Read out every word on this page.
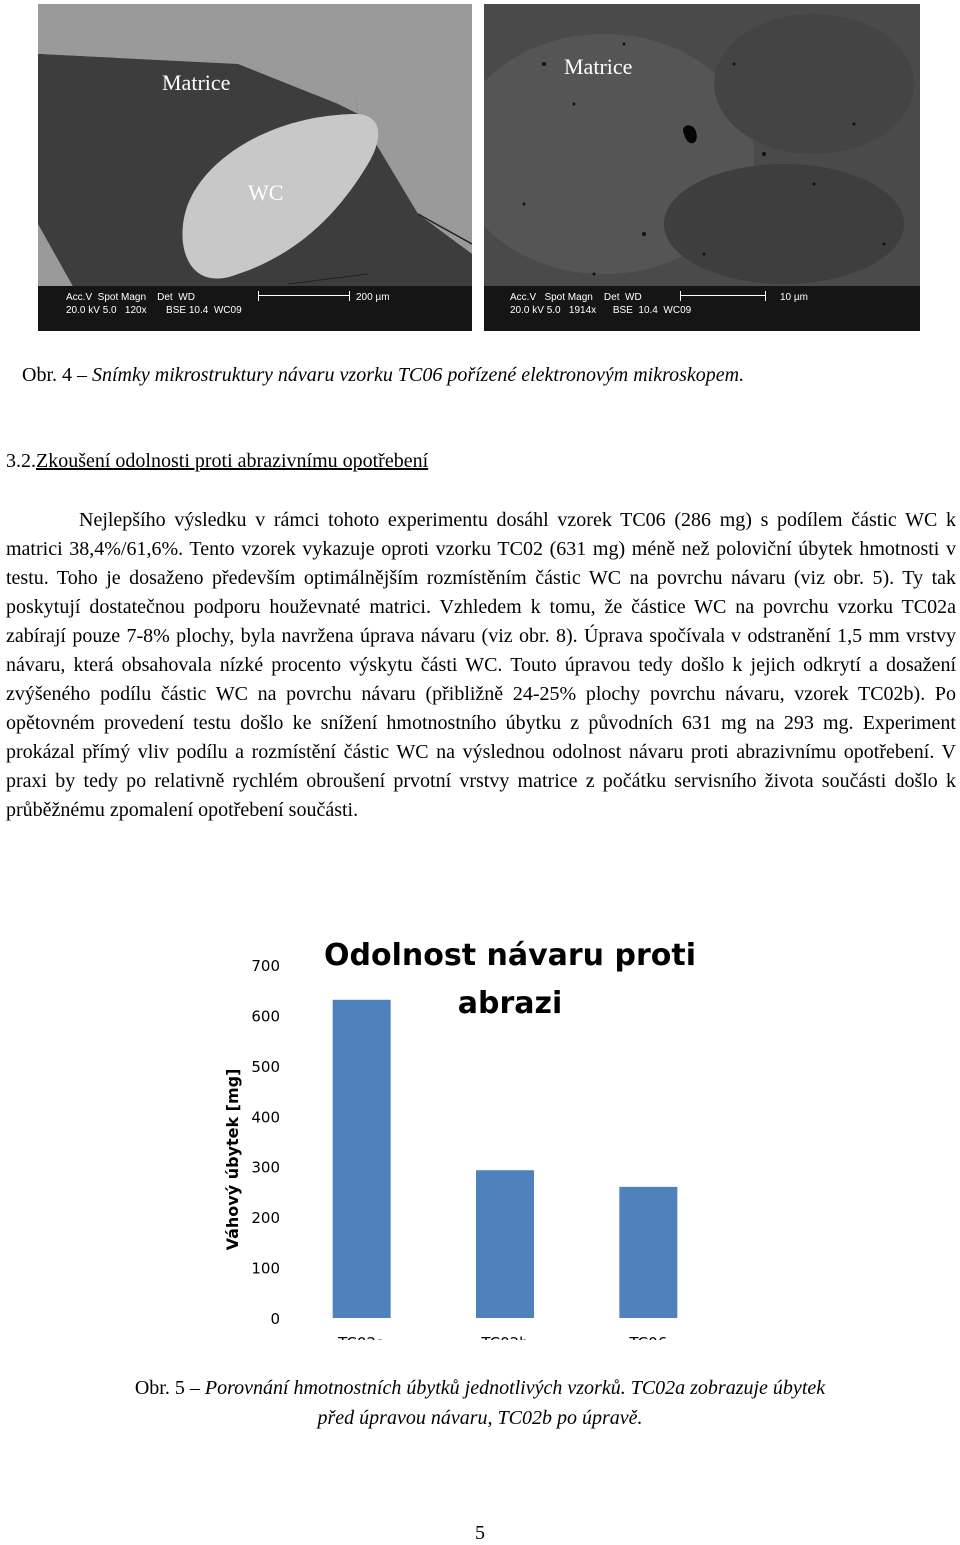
Matrice
WC
Acc.V  Spot Magn    Det  WD
20.0 kV 5.0   120x       BSE 10.4  WC09
200 µm
Matrice
Acc.V   Spot Magn    Det  WD
20.0 kV 5.0   1914x      BSE  10.4  WC09
10 µm
Obr. 4 – Snímky mikrostruktury návaru vzorku TC06 pořízené elektronovým mikroskopem.
3.2.Zkoušení odolnosti proti abrazivnímu opotřebení

Nejlepšího výsledku v rámci tohoto experimentu dosáhl vzorek TC06 (286 mg) s podílem částic WC k matrici 38,4%/61,6%. Tento vzorek vykazuje oproti vzorku TC02 (631 mg) méně než poloviční úbytek hmotnosti v testu. Toho je dosaženo především optimálnějším rozmístěním částic WC na povrchu návaru (viz obr. 5). Ty tak poskytují dostatečnou podporu houževnaté matrici. Vzhledem k tomu, že částice WC na povrchu vzorku TC02a zabírají pouze 7-8% plochy, byla navržena úprava návaru (viz obr. 8). Úprava spočívala v odstranění 1,5 mm vrstvy návaru, která obsahovala nízké procento výskytu části WC. Touto úpravou tedy došlo k jejich odkrytí a dosažení zvýšeného podílu částic WC na povrchu návaru (přibližně 24-25% plochy povrchu návaru, vzorek TC02b). Po opětovném provedení testu došlo ke snížení hmotnostního úbytku z původních 631 mg na 293 mg. Experiment prokázal přímý vliv podílu a rozmístění částic WC na výslednou odolnost návaru proti abrazivnímu opotřebení. V praxi by tedy po relativně rychlém obroušení prvotní vrstvy matrice z počátku servisního života součásti došlo k průběžnému zpomalení opotřebení součásti.

0
100
200
300
400
500
600
700
Váhový úbytek [mg]
Odolnost návaru proti
abrazi
Obr. 5 – Porovnání hmotnostních úbytků jednotlivých vzorků. TC02a zobrazuje úbytek
před úpravou návaru, TC02b po úpravě.
5
